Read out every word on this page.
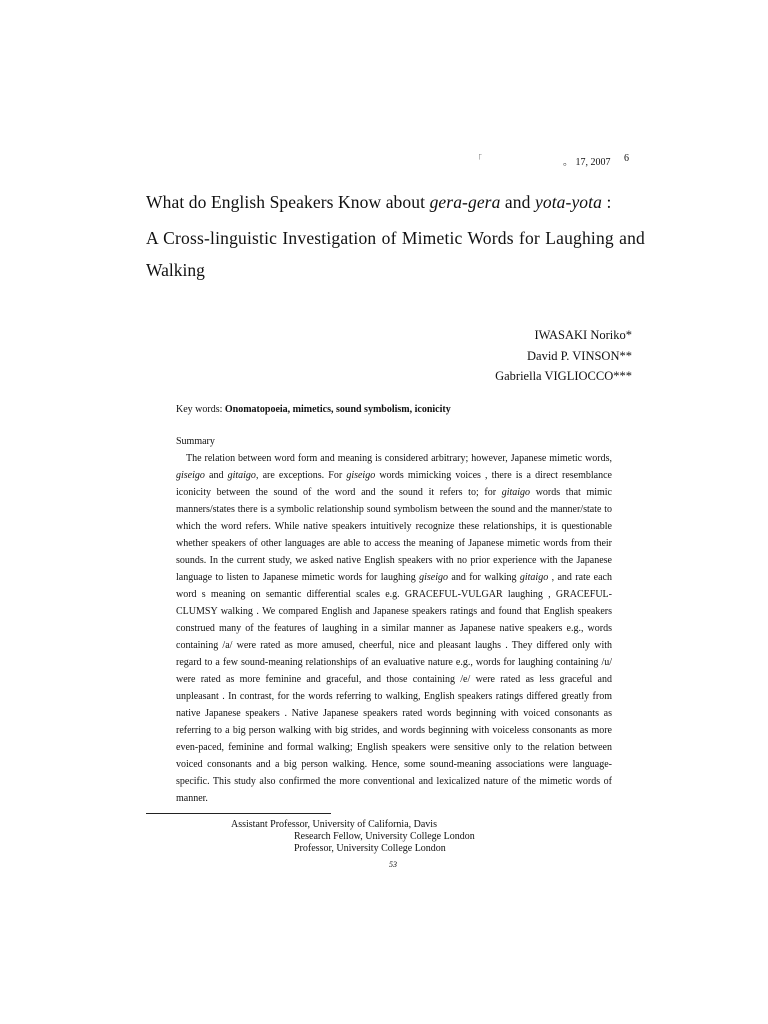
「	。 17, 2007 6
What do English Speakers Know about gera-gera and yota-yota :
A Cross-linguistic Investigation of Mimetic Words for Laughing and
Walking
IWASAKI Noriko*
David P. VINSON**
Gabriella VIGLIOCCO***
Key words: Onomatopoeia, mimetics, sound symbolism, iconicity
Summary

The relation between word form and meaning is considered arbitrary; however, Japanese mimetic words, giseigo and gitaigo, are exceptions. For giseigo words mimicking voices , there is a direct resemblance iconicity between the sound of the word and the sound it refers to; for gitaigo words that mimic manners/states there is a symbolic relationship sound symbolism between the sound and the manner/state to which the word refers. While native speakers intuitively recognize these relationships, it is questionable whether speakers of other languages are able to access the meaning of Japanese mimetic words from their sounds. In the current study, we asked native English speakers with no prior experience with the Japanese language to listen to Japanese mimetic words for laughing giseigo and for walking gitaigo , and rate each word s meaning on semantic differential scales e.g. GRACEFUL-VULGAR laughing , GRACEFUL-CLUMSY walking . We compared English and Japanese speakers ratings and found that English speakers construed many of the features of laughing in a similar manner as Japanese native speakers e.g., words containing /a/ were rated as more amused, cheerful, nice and pleasant laughs . They differed only with regard to a few sound-meaning relationships of an evaluative nature e.g., words for laughing containing /u/ were rated as more feminine and graceful, and those containing /e/ were rated as less graceful and unpleasant . In contrast, for the words referring to walking, English speakers ratings differed greatly from native Japanese speakers . Native Japanese speakers rated words beginning with voiced consonants as referring to a big person walking with big strides, and words beginning with voiceless consonants as more even-paced, feminine and formal walking; English speakers were sensitive only to the relation between voiced consonants and a big person walking. Hence, some sound-meaning associations were language-specific. This study also confirmed the more conventional and lexicalized nature of the mimetic words of manner.

Assistant Professor, University of California, Davis
Research Fellow, University College London
Professor, University College London
53
